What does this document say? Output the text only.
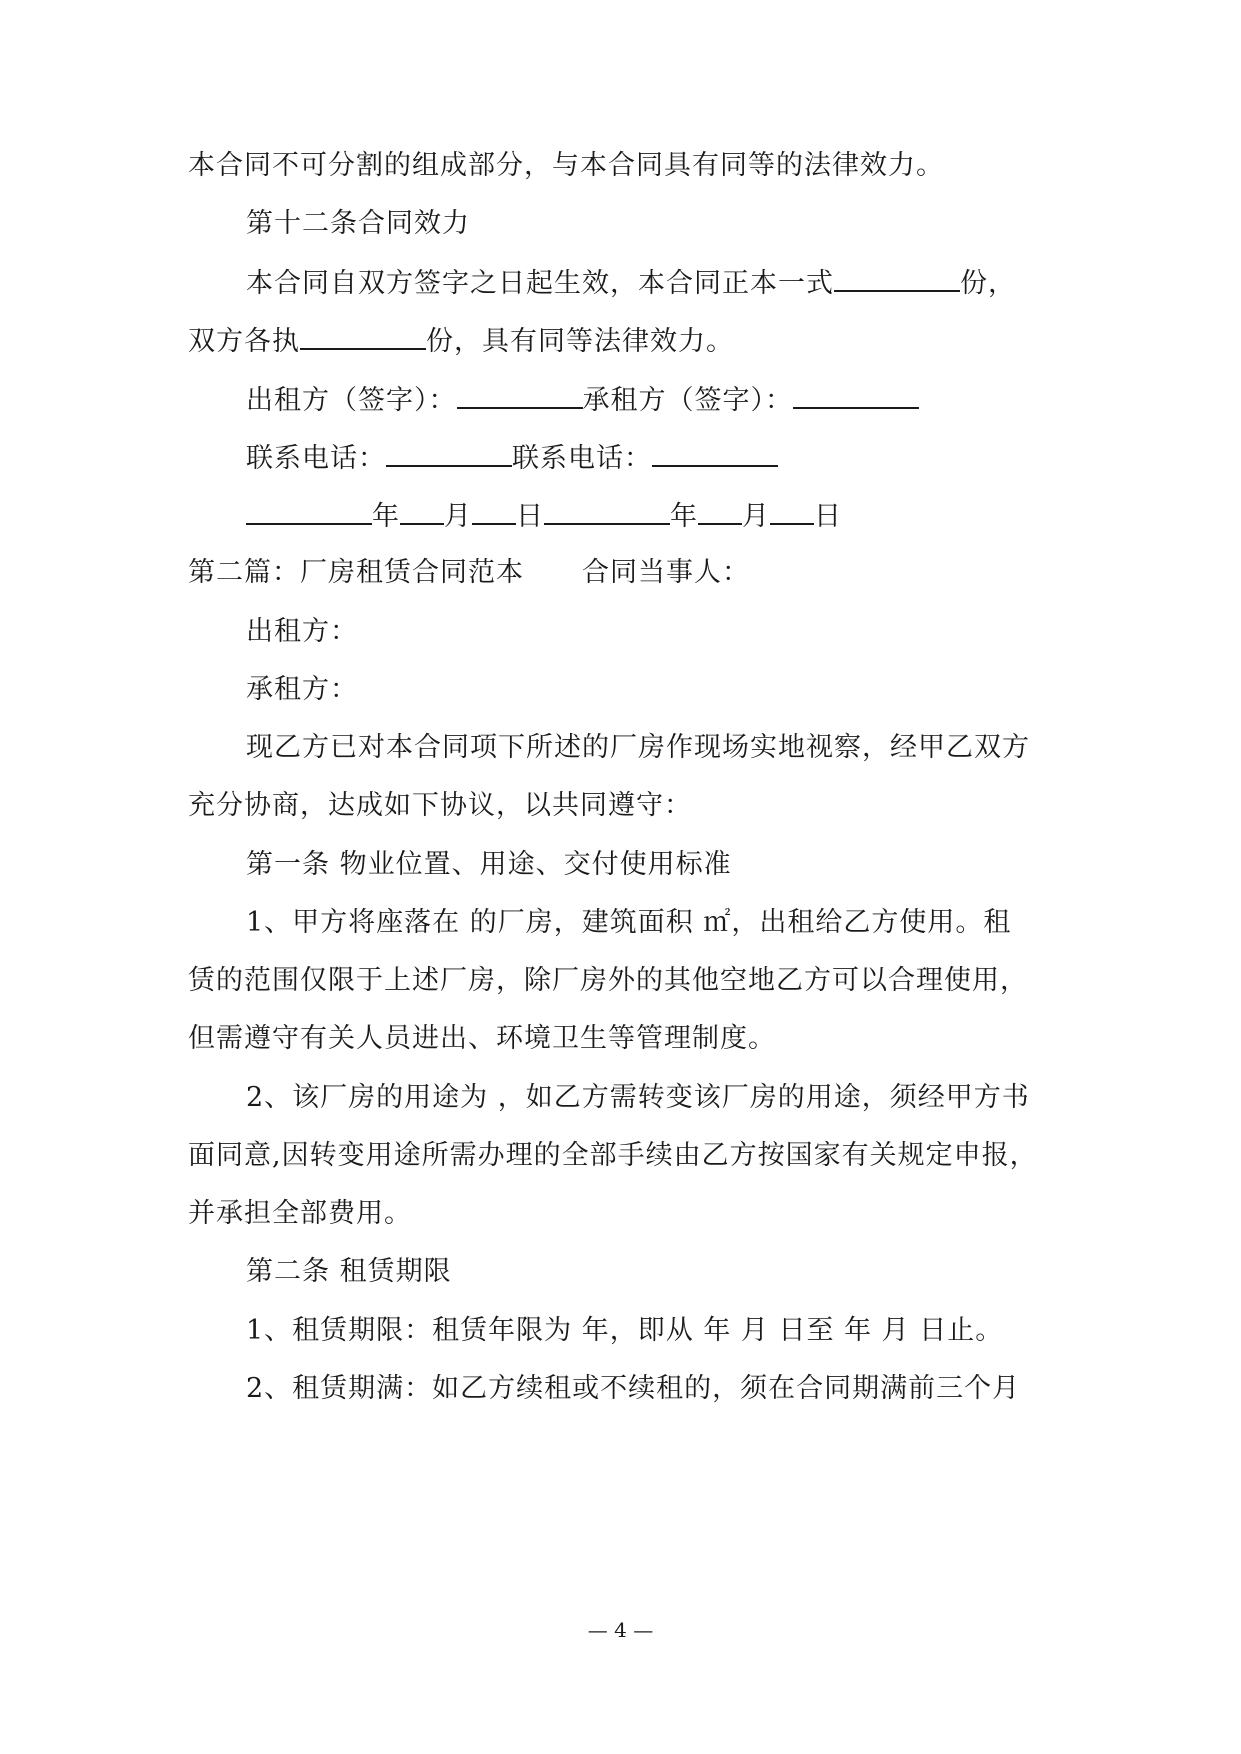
本合同不可分割的组成部分，与本合同具有同等的法律效力。
第十二条合同效力
本合同自双方签字之日起生效，本合同正本一式	份，
双方各执	份，具有同等法律效力。
出租方（签字）：	承租方（签字）：
联系电话：	联系电话：
年 月 日	年 月 日
第二篇：厂房租赁合同范本 合同当事人：
出租方：
承租方：
现乙方已对本合同项下所述的厂房作现场实地视察，经甲乙双方
充分协商，达成如下协议，以共同遵守：
第一条 物业位置、用途、交付使用标准
1、甲方将座落在 的厂房，建筑面积 ㎡，出租给乙方使用。租
赁的范围仅限于上述厂房，除厂房外的其他空地乙方可以合理使用，
但需遵守有关人员进出、环境卫生等管理制度。
2、该厂房的用途为 ，如乙方需转变该厂房的用途，须经甲方书
面同意,因转变用途所需办理的全部手续由乙方按国家有关规定申报，
并承担全部费用。
第二条 租赁期限
1、租赁期限：租赁年限为 年，即从 年 月 日至 年 月 日止。
2、租赁期满：如乙方续租或不续租的，须在合同期满前三个月
— 4 —
